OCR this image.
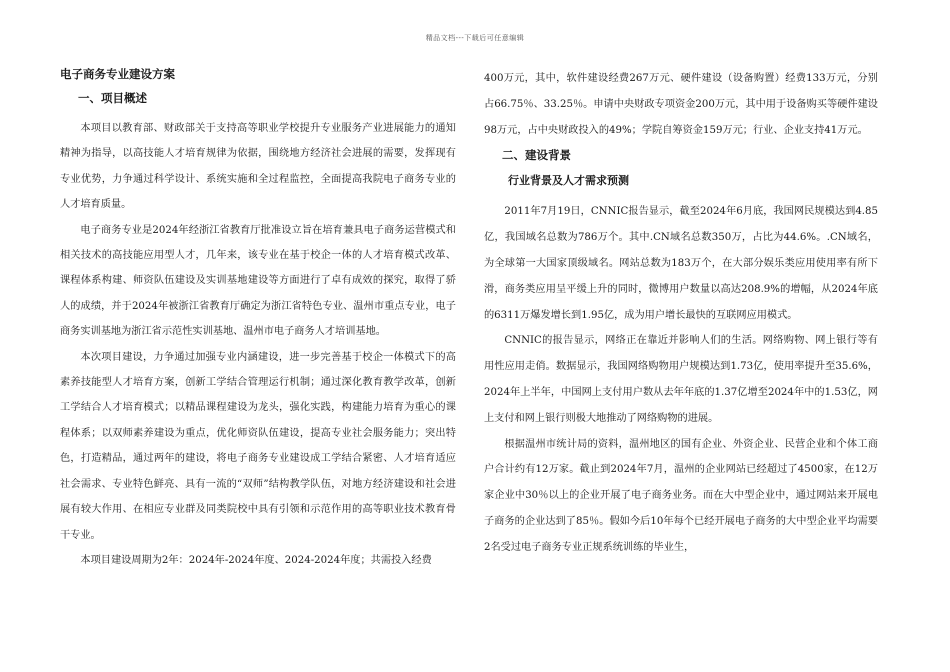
精品文档---下载后可任意编辑
电子商务专业建设方案
一、项目概述

本项目以教育部、财政部关于支持高等职业学校提升专业服务产业进展能力的通知精神为指导，以高技能人才培育规律为依据，围绕地方经济社会进展的需要，发挥现有专业优势，力争通过科学设计、系统实施和全过程监控，全面提高我院电子商务专业的人才培育质量。

电子商务专业是2024年经浙江省教育厅批准设立旨在培育兼具电子商务运营模式和相关技术的高技能应用型人才，几年来，该专业在基于校企一体的人才培育模式改革、课程体系构建、师资队伍建设及实训基地建设等方面进行了卓有成效的探究，取得了骄人的成绩，并于2024年被浙江省教育厅确定为浙江省特色专业、温州市重点专业，电子商务实训基地为浙江省示范性实训基地、温州市电子商务人才培训基地。

本次项目建设，力争通过加强专业内涵建设，进一步完善基于校企一体模式下的高素养技能型人才培育方案，创新工学结合管理运行机制；通过深化教育教学改革，创新工学结合人才培育模式；以精品课程建设为龙头，强化实践，构建能力培育为重心的课程体系；以双师素养建设为重点，优化师资队伍建设，提高专业社会服务能力；突出特色，打造精品，通过两年的建设，将电子商务专业建设成工学结合紧密、人才培育适应社会需求、专业特色鲜亮、具有一流的“双师”结构教学队伍，对地方经济建设和社会进展有较大作用、在相应专业群及同类院校中具有引领和示范作用的高等职业技术教育骨干专业。

本项目建设周期为2年：2024年-2024年度、2024-2024年度；共需投入经费

400万元，其中，软件建设经费267万元、硬件建设（设备购置）经费133万元，分别占66.75％、33.25％。申请中央财政专项资金200万元，其中用于设备购买等硬件建设98万元，占中央财政投入的49%；学院自筹资金159万元；行业、企业支持41万元。

二、建设背景
行业背景及人才需求预测

2011年7月19日，CNNIC报告显示，截至2024年6月底，我国网民规模达到4.85亿，我国域名总数为786万个。其中.CN域名总数350万，占比为44.6%。.CN域名，为全球第一大国家顶级域名。网站总数为183万个，在大部分娱乐类应用使用率有所下滑，商务类应用呈平缓上升的同时，微博用户数量以高达208.9%的增幅，从2024年底的6311万爆发增长到1.95亿，成为用户增长最快的互联网应用模式。

CNNIC的报告显示，网络正在靠近并影响人们的生活。网络购物、网上银行等有用性应用走俏。数据显示，我国网络购物用户规模达到1.73亿，使用率提升至35.6%，2024年上半年，中国网上支付用户数从去年年底的1.37亿增至2024年中的1.53亿，网上支付和网上银行则极大地推动了网络购物的进展。

根据温州市统计局的资料，温州地区的国有企业、外资企业、民营企业和个体工商户合计约有12万家。截止到2024年7月，温州的企业网站已经超过了4500家，在12万家企业中30％以上的企业开展了电子商务业务。而在大中型企业中，通过网站来开展电子商务的企业达到了85％。假如今后10年每个已经开展电子商务的大中型企业平均需要2名受过电子商务专业正规系统训练的毕业生，
